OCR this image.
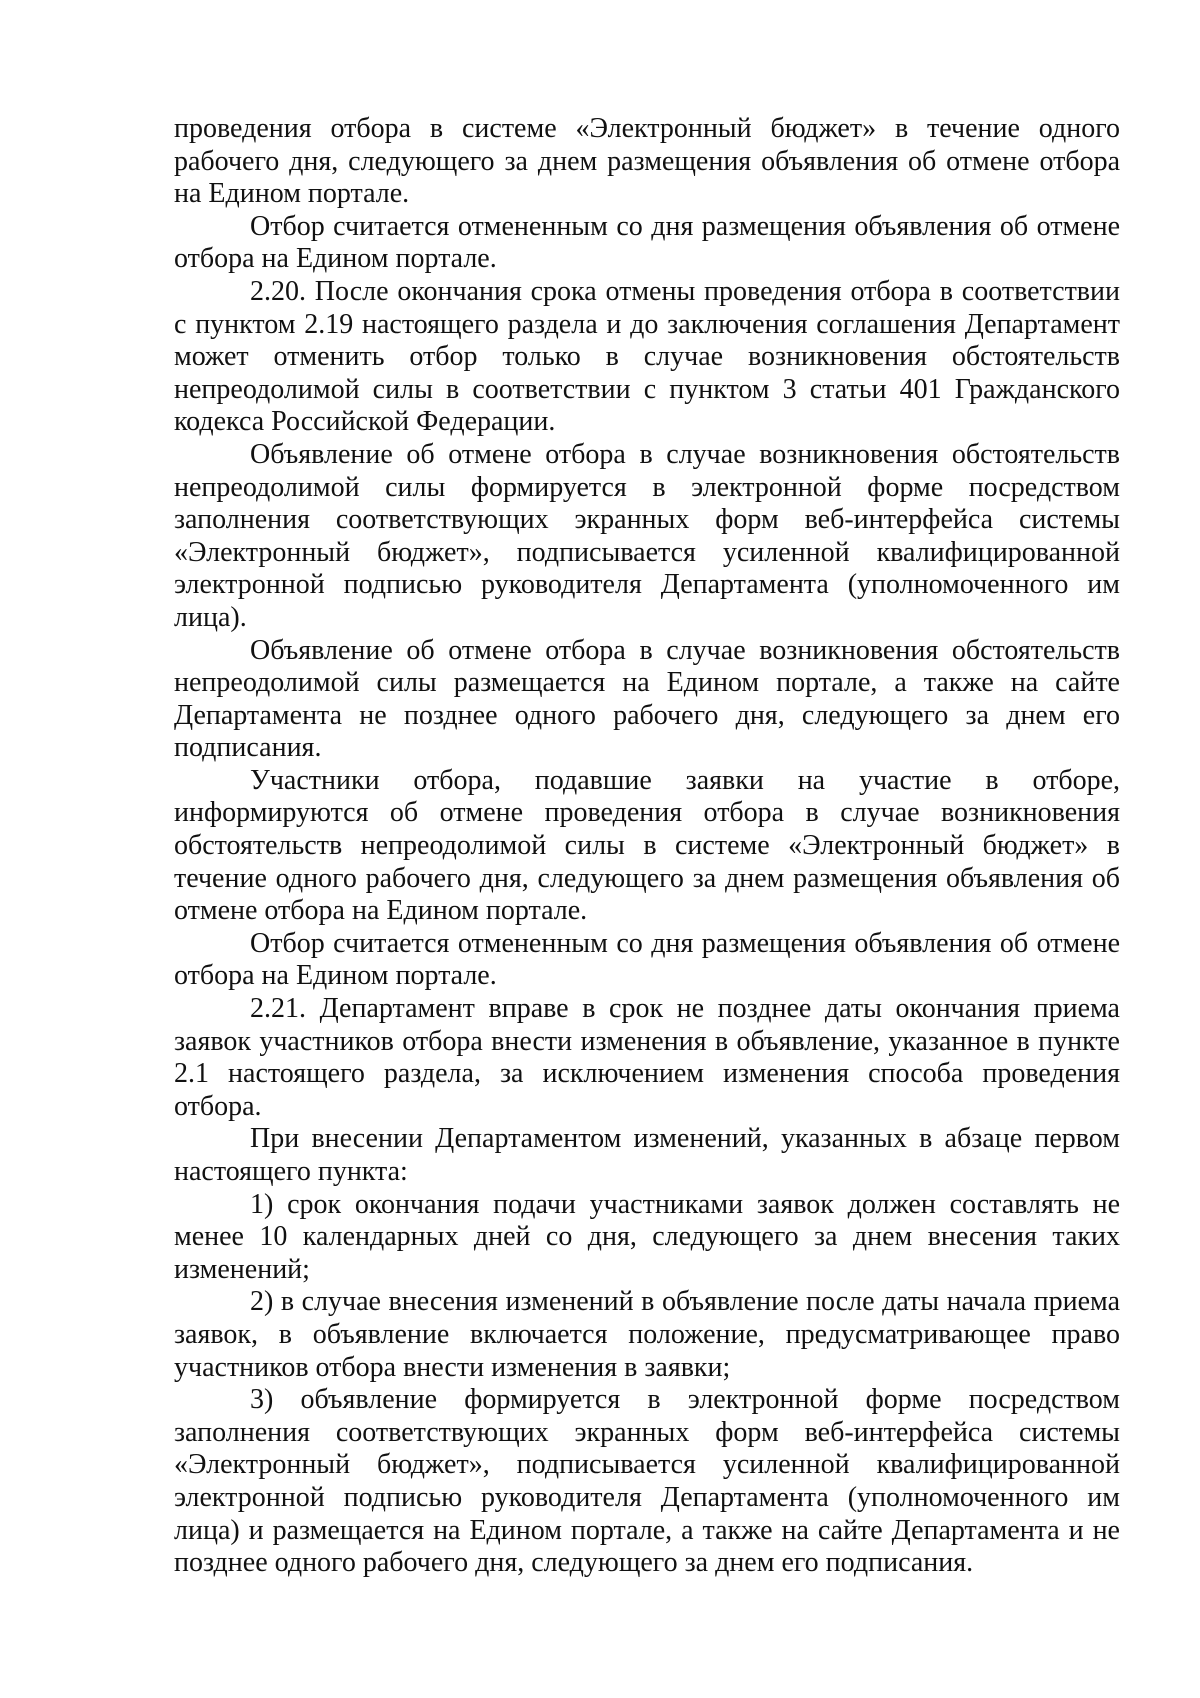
проведения отбора в системе «Электронный бюджет» в течение одного рабочего дня, следующего за днем размещения объявления об отмене отбора на Едином портале.

Отбор считается отмененным со дня размещения объявления об отмене отбора на Едином портале.

2.20. После окончания срока отмены проведения отбора в соответствии с пунктом 2.19 настоящего раздела и до заключения соглашения Департамент может отменить отбор только в случае возникновения обстоятельств непреодолимой силы в соответствии с пунктом 3 статьи 401 Гражданского кодекса Российской Федерации.

Объявление об отмене отбора в случае возникновения обстоятельств непреодолимой силы формируется в электронной форме посредством заполнения соответствующих экранных форм веб-интерфейса системы «Электронный бюджет», подписывается усиленной квалифицированной электронной подписью руководителя Департамента (уполномоченного им лица).

Объявление об отмене отбора в случае возникновения обстоятельств непреодолимой силы размещается на Едином портале, а также на сайте Департамента не позднее одного рабочего дня, следующего за днем его подписания.

Участники отбора, подавшие заявки на участие в отборе, информируются об отмене проведения отбора в случае возникновения обстоятельств непреодолимой силы в системе «Электронный бюджет» в течение одного рабочего дня, следующего за днем размещения объявления об отмене отбора на Едином портале.

Отбор считается отмененным со дня размещения объявления об отмене отбора на Едином портале.

2.21. Департамент вправе в срок не позднее даты окончания приема заявок участников отбора внести изменения в объявление, указанное в пункте 2.1 настоящего раздела, за исключением изменения способа проведения отбора.

При внесении Департаментом изменений, указанных в абзаце первом настоящего пункта:

1) срок окончания подачи участниками заявок должен составлять не менее 10 календарных дней со дня, следующего за днем внесения таких изменений;

2) в случае внесения изменений в объявление после даты начала приема заявок, в объявление включается положение, предусматривающее право участников отбора внести изменения в заявки;

3) объявление формируется в электронной форме посредством заполнения соответствующих экранных форм веб-интерфейса системы «Электронный бюджет», подписывается усиленной квалифицированной электронной подписью руководителя Департамента (уполномоченного им лица) и размещается на Едином портале, а также на сайте Департамента и не позднее одного рабочего дня, следующего за днем его подписания.
